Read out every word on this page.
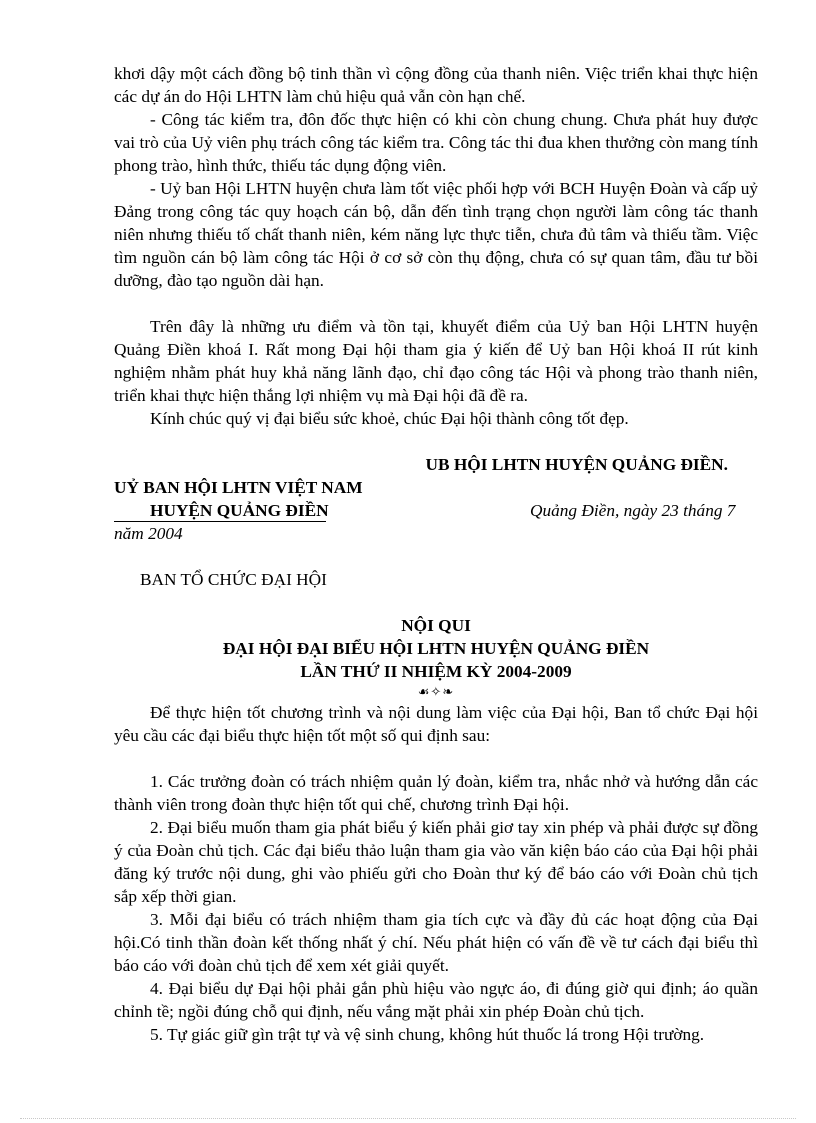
khơi dậy một cách đồng bộ tinh thần vì cộng đồng của thanh niên. Việc triển khai thực hiện các dự án do Hội LHTN làm chủ hiệu quả vẫn còn hạn chế.

- Công tác kiểm tra, đôn đốc thực hiện có khi còn chung chung. Chưa phát huy được vai trò của Uỷ viên phụ trách công tác kiểm tra. Công tác thi đua khen thưởng còn mang tính phong trào, hình thức, thiếu tác dụng động viên.

- Uỷ ban Hội LHTN huyện chưa làm tốt việc phối hợp với BCH Huyện Đoàn và cấp uỷ Đảng trong công tác quy hoạch cán bộ, dẫn đến tình trạng chọn người làm công tác thanh niên nhưng thiếu tố chất thanh niên, kém năng lực thực tiễn, chưa đủ tâm và thiếu tầm. Việc tìm nguồn cán bộ làm công tác Hội ở cơ sở còn thụ động, chưa có sự quan tâm, đầu tư bồi dưỡng, đào tạo nguồn dài hạn.

Trên đây là những ưu điểm và tồn tại, khuyết điểm của Uỷ ban Hội LHTN huyện Quảng Điền khoá I. Rất mong Đại hội tham gia ý kiến để Uỷ ban Hội khoá II rút kinh nghiệm nhằm phát huy khả năng lãnh đạo, chỉ đạo công tác Hội và phong trào thanh niên, triển khai thực hiện thắng lợi nhiệm vụ mà Đại hội đã đề ra.

Kính chúc quý vị đại biểu sức khoẻ, chúc Đại hội thành công tốt đẹp.

UB HỘI LHTN HUYỆN QUẢNG ĐIỀN.
UỶ BAN HỘI LHTN VIỆT NAM
HUYỆN QUẢNG ĐIỀN	Quảng Điền, ngày 23 tháng 7
năm 2004
BAN TỔ CHỨC ĐẠI HỘI
NỘI QUI
ĐẠI HỘI ĐẠI BIỂU HỘI LHTN HUYỆN QUẢNG ĐIỀN
LẦN THỨ II NHIỆM KỲ 2004-2009
☙✧❧

Để thực hiện tốt chương trình và nội dung làm việc của Đại hội, Ban tổ chức Đại hội yêu cầu các đại biểu thực hiện tốt một số qui định sau:

1. Các trưởng đoàn có trách nhiệm quản lý đoàn, kiểm tra, nhắc nhở và hướng dẫn các thành viên trong đoàn thực hiện tốt qui chế, chương trình Đại hội.

2. Đại biểu muốn tham gia phát biểu ý kiến phải giơ tay xin phép và phải được sự đồng ý của Đoàn chủ tịch. Các đại biểu thảo luận tham gia vào văn kiện báo cáo của Đại hội phải đăng ký trước nội dung, ghi vào phiếu gửi cho Đoàn thư ký để báo cáo với Đoàn chủ tịch sắp xếp thời gian.

3. Mỗi đại biểu có trách nhiệm tham gia tích cực và đầy đủ các hoạt động của Đại hội.Có tinh thần đoàn kết thống nhất ý chí. Nếu phát hiện có vấn đề về tư cách đại biểu thì báo cáo với đoàn chủ tịch để xem xét giải quyết.

4. Đại biểu dự Đại hội phải gắn phù hiệu vào ngực áo, đi đúng giờ qui định; áo quần chỉnh tề; ngồi đúng chỗ qui định, nếu vắng mặt phải xin phép Đoàn chủ tịch.

5. Tự giác giữ gìn trật tự và vệ sinh chung, không hút thuốc lá trong Hội trường.
